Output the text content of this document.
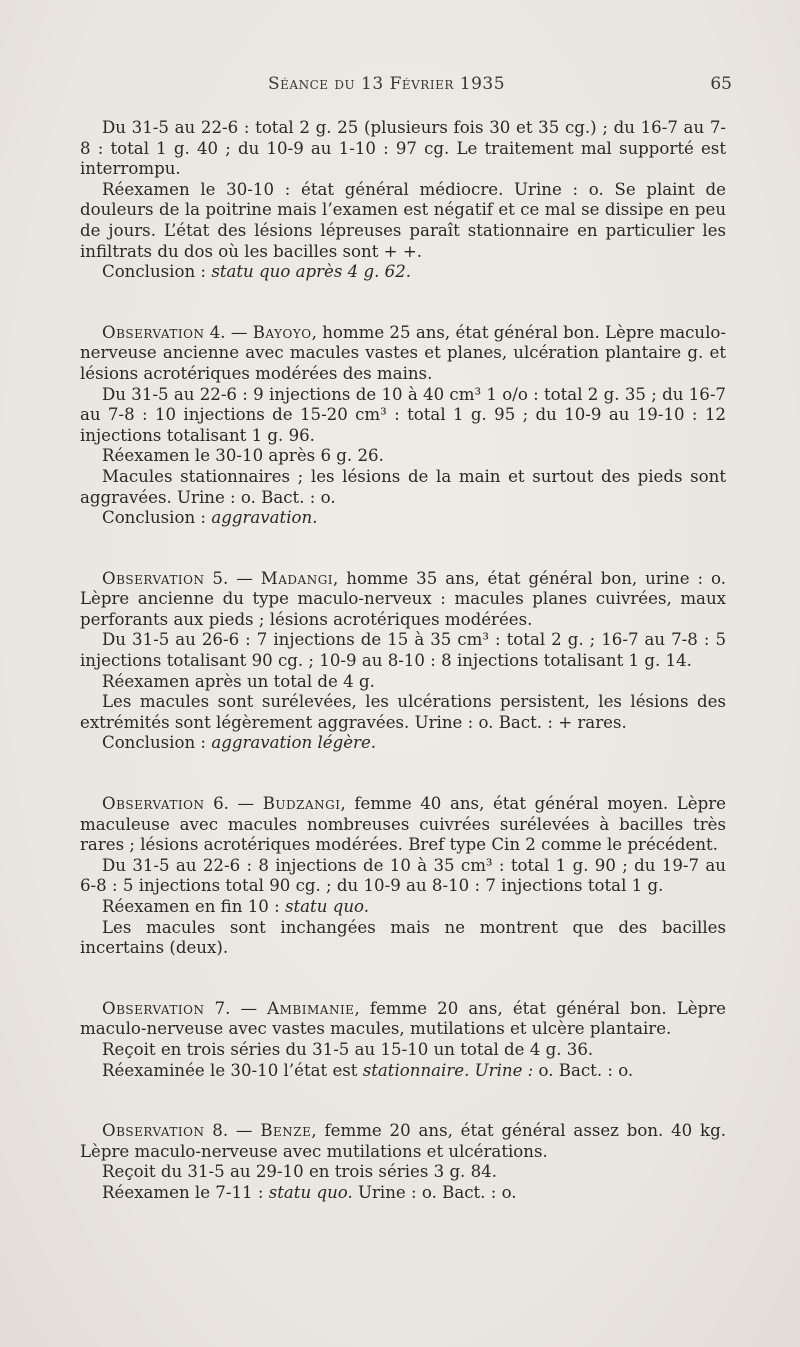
Séance du 13 Février 1935	65

Du 31-5 au 22-6 : total 2 g. 25 (plusieurs fois 30 et 35 cg.) ; du 16-7 au 7-8 : total 1 g. 40 ; du 10-9 au 1-10 : 97 cg. Le traitement mal supporté est interrompu.

Réexamen le 30-10 : état général médiocre. Urine : o. Se plaint de douleurs de la poitrine mais l’examen est négatif et ce mal se dissipe en peu de jours. L’état des lésions lépreuses paraît stationnaire en particulier les infiltrats du dos où les bacilles sont + +.

Conclusion : statu quo après 4 g. 62.

Observation 4. — Bayoyo, homme 25 ans, état général bon. Lèpre maculo-nerveuse ancienne avec macules vastes et planes, ulcération plantaire g. et lésions acrotériques modérées des mains.

Du 31-5 au 22-6 : 9 injections de 10 à 40 cm³ 1 o/o : total 2 g. 35 ; du 16-7 au 7-8 : 10 injections de 15-20 cm³ : total 1 g. 95 ; du 10-9 au 19-10 : 12 injections totalisant 1 g. 96.

Réexamen le 30-10 après 6 g. 26.

Macules stationnaires ; les lésions de la main et surtout des pieds sont aggravées. Urine : o. Bact. : o.

Conclusion : aggravation.

Observation 5. — Madangi, homme 35 ans, état général bon, urine : o. Lèpre ancienne du type maculo-nerveux : macules planes cuivrées, maux perforants aux pieds ; lésions acrotériques modérées.

Du 31-5 au 26-6 : 7 injections de 15 à 35 cm³ : total 2 g. ; 16-7 au 7-8 : 5 injections totalisant 90 cg. ; 10-9 au 8-10 : 8 injections totalisant 1 g. 14.

Réexamen après un total de 4 g.

Les macules sont surélevées, les ulcérations persistent, les lésions des extrémités sont légèrement aggravées. Urine : o. Bact. : + rares.

Conclusion : aggravation légère.

Observation 6. — Budzangi, femme 40 ans, état général moyen. Lèpre maculeuse avec macules nombreuses cuivrées surélevées à bacilles très rares ; lésions acrotériques modérées. Bref type Cin 2 comme le précédent.

Du 31-5 au 22-6 : 8 injections de 10 à 35 cm³ : total 1 g. 90 ; du 19-7 au 6-8 : 5 injections total 90 cg. ; du 10-9 au 8-10 : 7 injections total 1 g.

Réexamen en fin 10 : statu quo.

Les macules sont inchangées mais ne montrent que des bacilles incertains (deux).

Observation 7. — Ambimanie, femme 20 ans, état général bon. Lèpre maculo-nerveuse avec vastes macules, mutilations et ulcère plantaire.

Reçoit en trois séries du 31-5 au 15-10 un total de 4 g. 36.

Réexaminée le 30-10 l’état est stationnaire. Urine : o. Bact. : o.

Observation 8. — Benze, femme 20 ans, état général assez bon. 40 kg. Lèpre maculo-nerveuse avec mutilations et ulcérations.

Reçoit du 31-5 au 29-10 en trois séries 3 g. 84.

Réexamen le 7-11 : statu quo. Urine : o. Bact. : o.
